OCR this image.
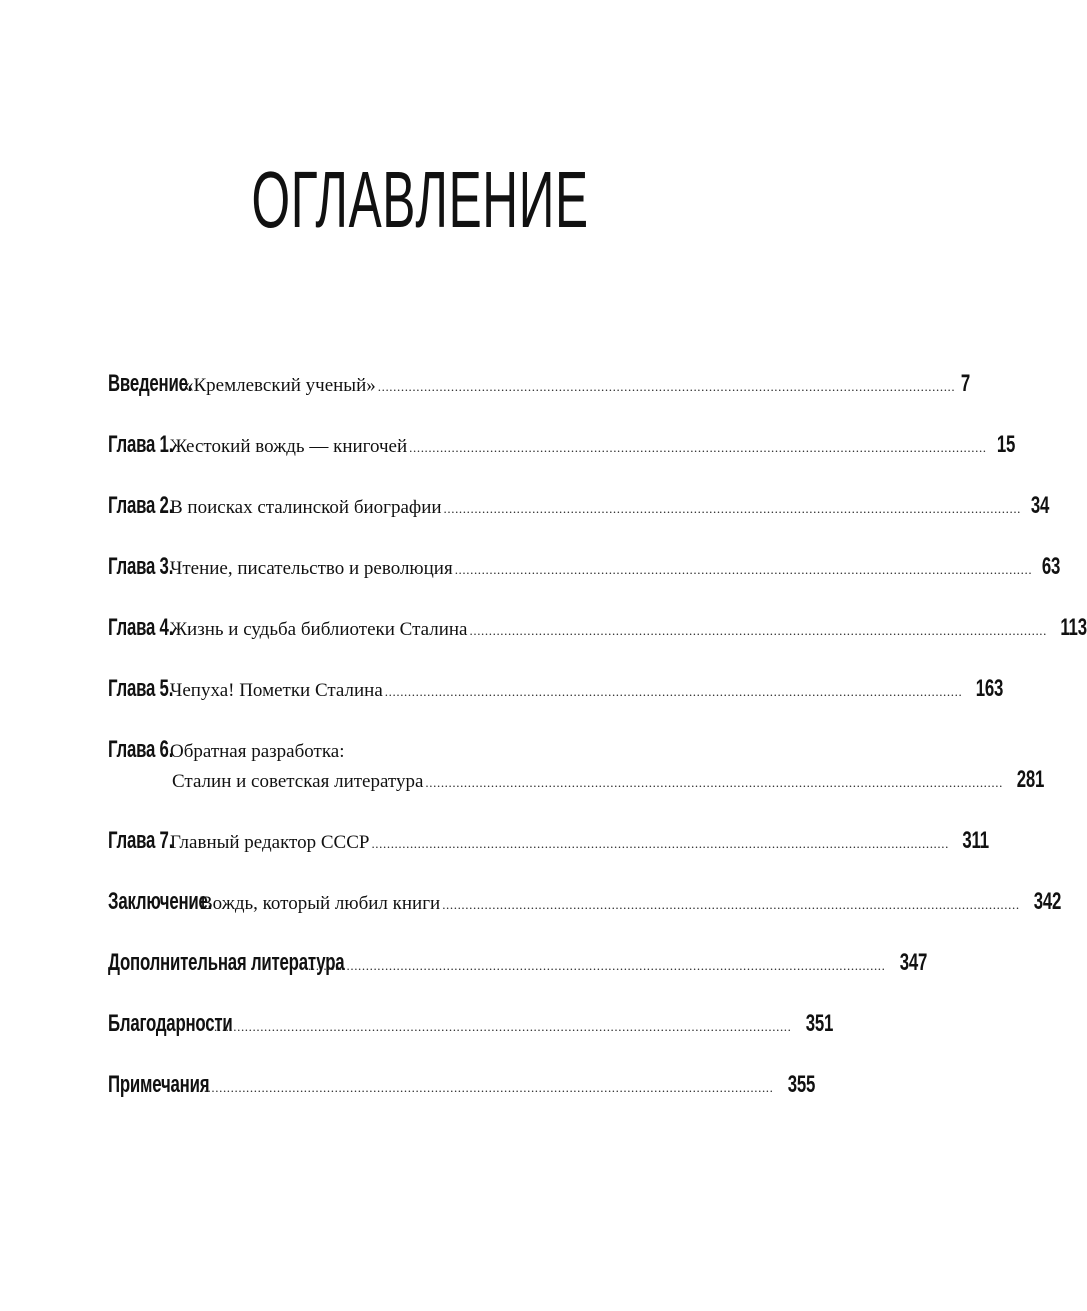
ОГЛАВЛЕНИЕ
Введение.
«Кремлевский ученый» ...................................................................................................................................................... 7
Глава 1.
Жестокий вождь — книгочей ...................................................................................................................................................... 15
Глава 2.
В поисках сталинской биографии ...................................................................................................................................................... 34
Глава 3.
Чтение, писательство и революция ...................................................................................................................................................... 63
Глава 4.
Жизнь и судьба библиотеки Сталина ...................................................................................................................................................... 113
Глава 5.
Чепуха! Пометки Сталина ...................................................................................................................................................... 163
Глава 6.
Обратная разработка:
Сталин и советская литература ...................................................................................................................................................... 281
Глава 7.
Главный редактор СССР ...................................................................................................................................................... 311
Заключение.
Вождь, который любил книги ...................................................................................................................................................... 342
Дополнительная литература
...................................................................................................................................................... 347
Благодарности
...................................................................................................................................................... 351
Примечания
...................................................................................................................................................... 355
